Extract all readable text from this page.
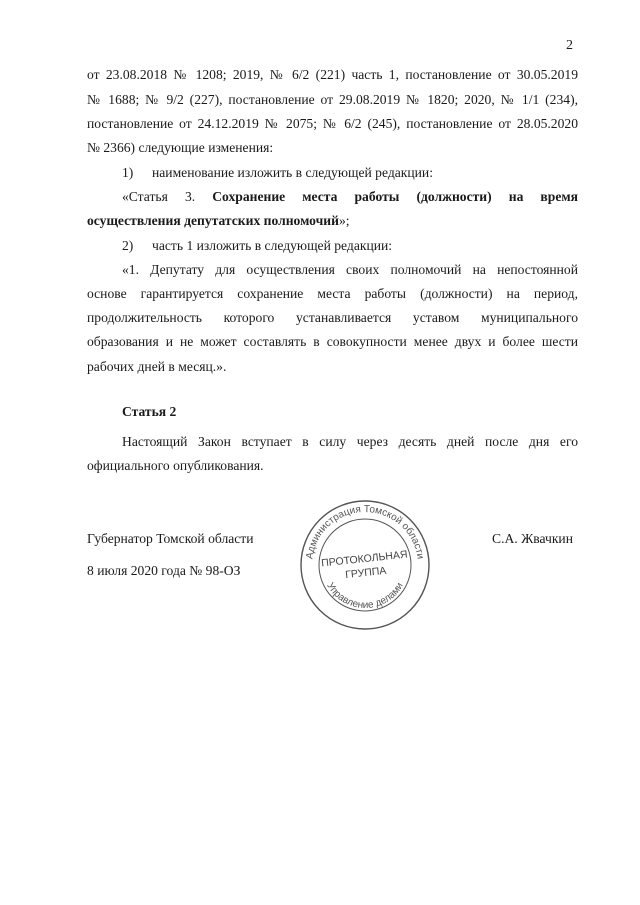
2
от 23.08.2018 № 1208; 2019, № 6/2 (221) часть 1, постановление от 30.05.2019
№ 1688; № 9/2 (227), постановление от 29.08.2019 № 1820; 2020, № 1/1 (234),
постановление от 24.12.2019 № 2075; № 6/2 (245), постановление от 28.05.2020
№ 2366) следующие изменения:
1) наименование изложить в следующей редакции:
«Статья 3. Сохранение места работы (должности) на время
осуществления депутатских полномочий»;
2) часть 1 изложить в следующей редакции:
«1. Депутату для осуществления своих полномочий на непостоянной
основе гарантируется сохранение места работы (должности) на период,
продолжительность которого устанавливается уставом муниципального
образования и не может составлять в совокупности менее двух и более шести
рабочих дней в месяц.».
Статья 2
Настоящий Закон вступает в силу через десять дней после дня его
официального опубликования.
Губернатор Томской области	С.А. Жвачкин
8 июля 2020 года № 98-ОЗ
Администрация Томской области
Управление делами
ПРОТОКОЛЬНАЯ
ГРУППА
